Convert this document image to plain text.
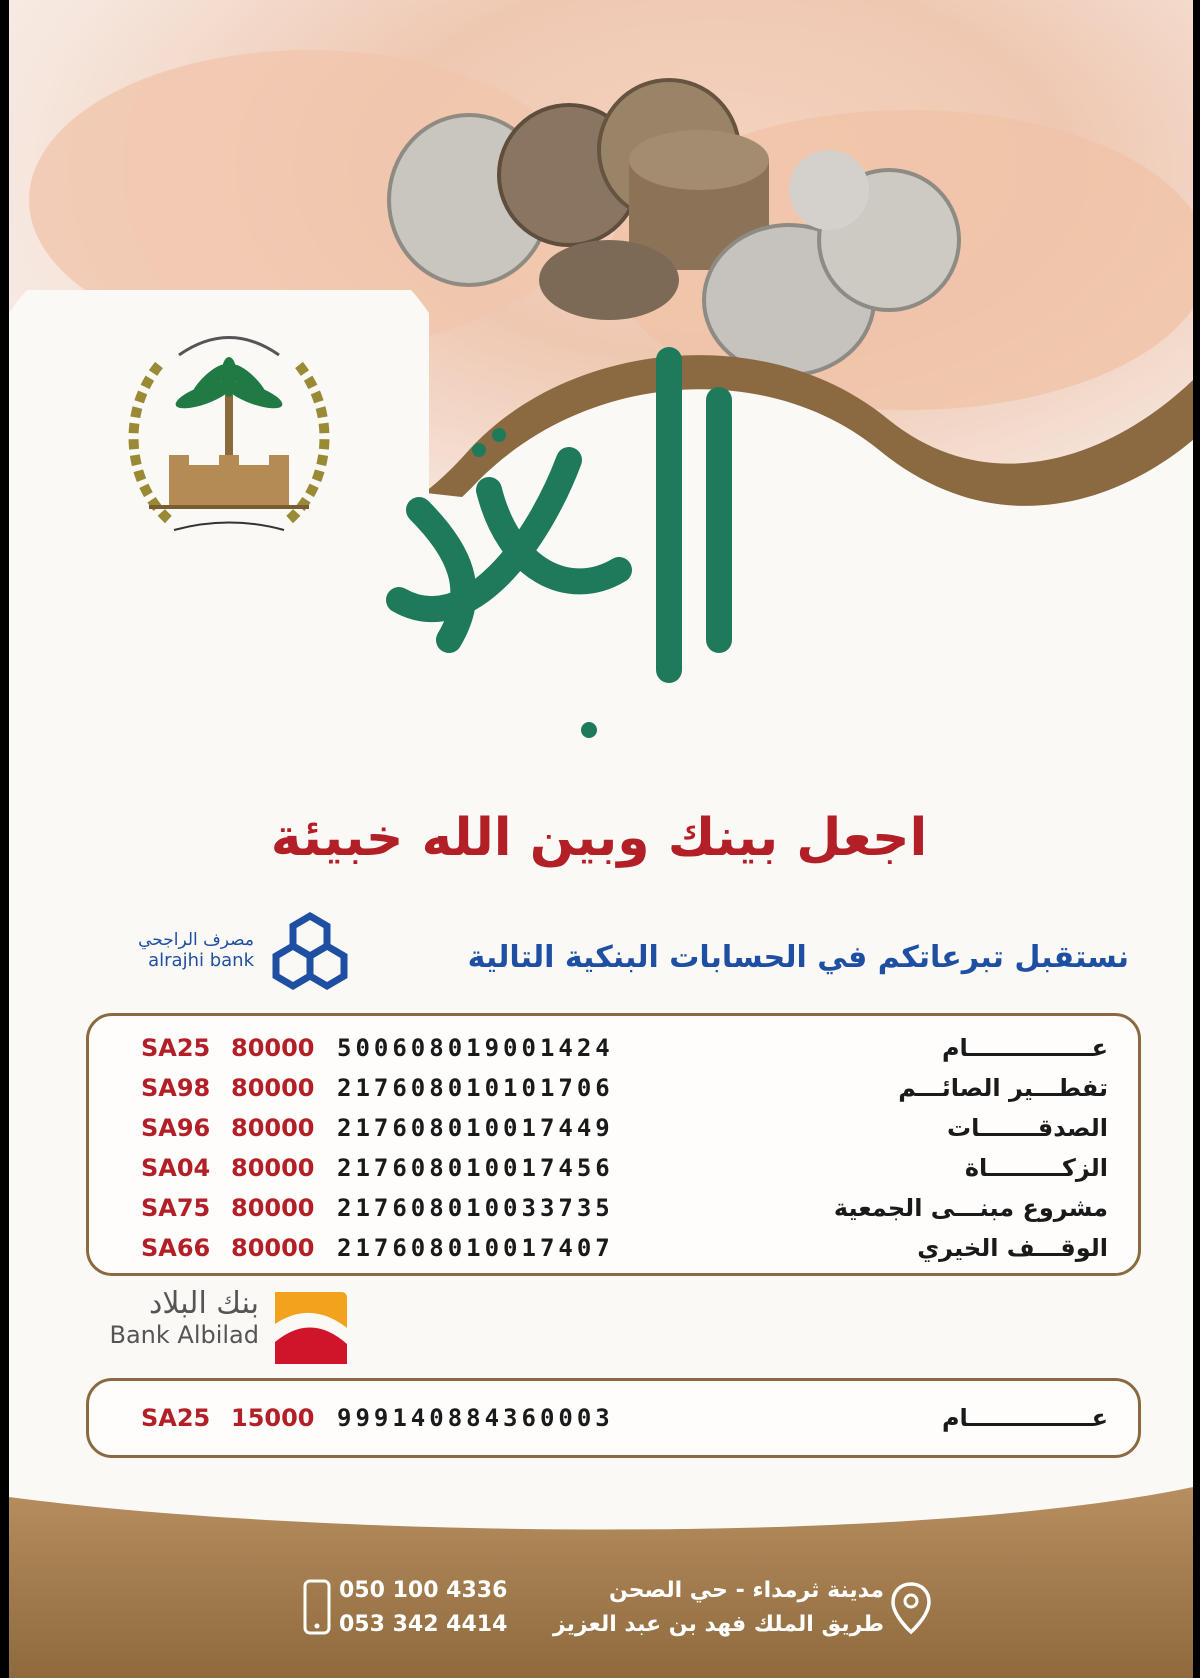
اجعل بينك وبين الله خبيئة
مصرف الراجحي
alrajhi bank	نستقبل تبرعاتكم في الحسابات البنكية التالية
SA25 80000 500608019001424	عـــــــــــــــام
SA98 80000 217608010101706	تفطـــير الصائـــم
SA96 80000 217608010017449	الصدقـــــــات
SA04 80000 217608010017456	الزكـــــــــاة
SA75 80000 217608010033735	مشروع مبنـــى الجمعية
SA66 80000 217608010017407	الوقـــف الخيري
بنك البلاد
Bank Albilad
SA25 15000 999140884360003	عـــــــــــــــام
050 100 4336
053 342 4414
مدينة ثرمداء - حي الصحن
طريق الملك فهد بن عبد العزيز
